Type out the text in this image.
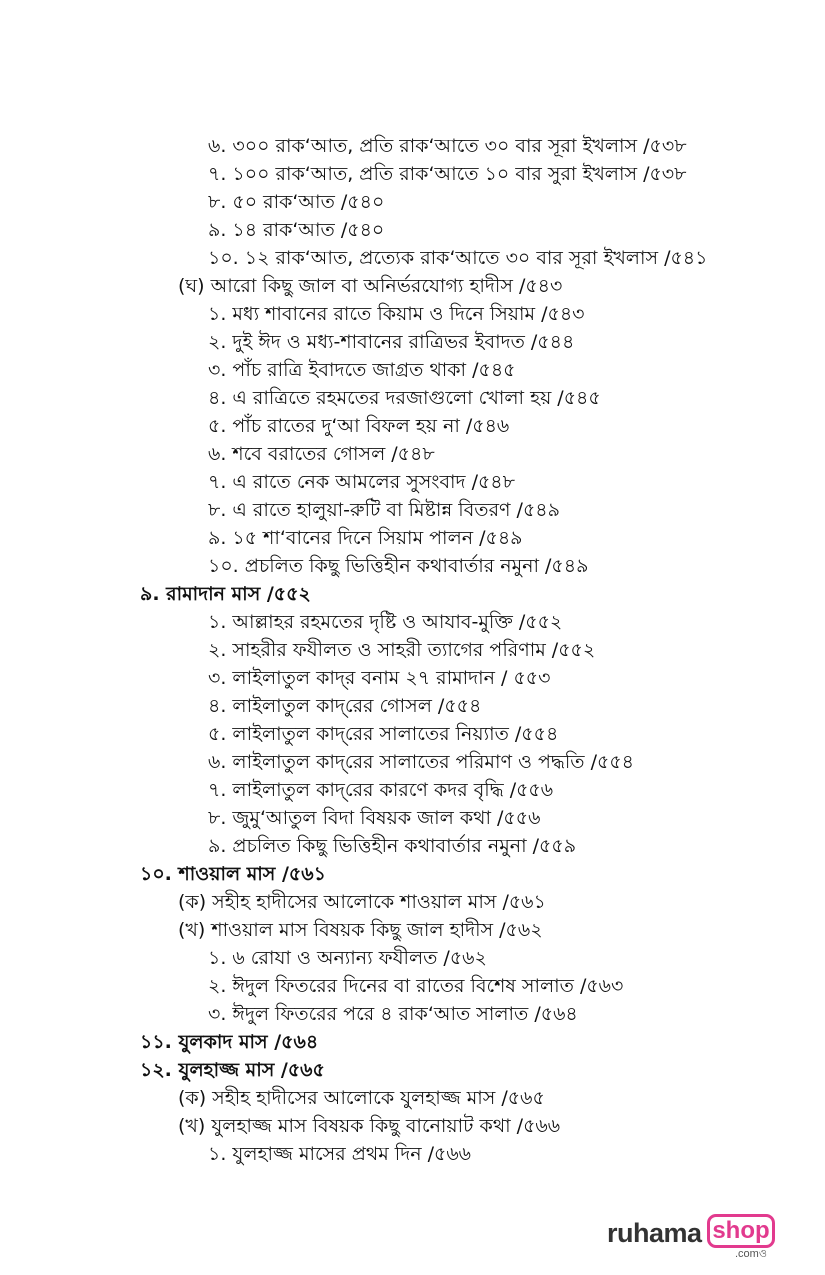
৬. ৩০০ রাক‘আত, প্রতি রাক‘আতে ৩০ বার সূরা ইখলাস /৫৩৮
৭. ১০০ রাক‘আত, প্রতি রাক‘আতে ১০ বার সুরা ইখলাস /৫৩৮
৮. ৫০ রাক‘আত /৫৪০
৯. ১৪ রাক‘আত /৫৪০
১০. ১২ রাক‘আত, প্রত্যেক রাক‘আতে ৩০ বার সূরা ইখলাস /৫৪১
(ঘ) আরো কিছু জাল বা অনির্ভরযোগ্য হাদীস /৫৪৩
১. মধ্য শাবানের রাতে কিয়াম ও দিনে সিয়াম /৫৪৩
২. দুই ঈদ ও মধ্য-শাবানের রাত্রিভর ইবাদত /৫৪৪
৩. পাঁচ রাত্রি ইবাদতে জাগ্রত থাকা /৫৪৫
৪. এ রাত্রিতে রহমতের দরজাগুলো খোলা হয় /৫৪৫
৫. পাঁচ রাতের দু‘আ বিফল হয় না /৫৪৬
৬. শবে বরাতের গোসল /৫৪৮
৭. এ রাতে নেক আমলের সুসংবাদ /৫৪৮
৮. এ রাতে হালুয়া-রুটি বা মিষ্টান্ন বিতরণ /৫৪৯
৯. ১৫ শা‘বানের দিনে সিয়াম পালন /৫৪৯
১০. প্রচলিত কিছু ভিত্তিহীন কথাবার্তার নমুনা /৫৪৯
৯. রামাদান মাস /৫৫২
১. আল্লাহর রহমতের দৃষ্টি ও আযাব-মুক্তি /৫৫২
২. সাহরীর ফযীলত ও সাহরী ত্যাগের পরিণাম /৫৫২
৩. লাইলাতুল কাদ্‌র বনাম ২৭ রামাদান / ৫৫৩
৪. লাইলাতুল কাদ্‌রের গোসল /৫৫৪
৫. লাইলাতুল কাদ্‌রের সালাতের নিয়্যাত /৫৫৪
৬. লাইলাতুল কাদ্‌রের সালাতের পরিমাণ ও পদ্ধতি /৫৫৪
৭. লাইলাতুল কাদ্‌রের কারণে কদর বৃদ্ধি /৫৫৬
৮. জুমু‘আতুল বিদা বিষয়ক জাল কথা /৫৫৬
৯. প্রচলিত কিছু ভিত্তিহীন কথাবার্তার নমুনা /৫৫৯
১০. শাওয়াল মাস /৫৬১
(ক) সহীহ হাদীসের আলোকে শাওয়াল মাস /৫৬১
(খ) শাওয়াল মাস বিষয়ক কিছু জাল হাদীস /৫৬২
১. ৬ রোযা ও অন্যান্য ফযীলত /৫৬২
২. ঈদুল ফিতরের দিনের বা রাতের বিশেষ সালাত /৫৬৩
৩. ঈদুল ফিতরের পরে ৪ রাক‘আত সালাত /৫৬৪
১১. যুলকাদ মাস /৫৬৪
১২. যুলহাজ্জ মাস /৫৬৫
(ক) সহীহ হাদীসের আলোকে যুলহাজ্জ মাস /৫৬৫
(খ) যুলহাজ্জ মাস বিষয়ক কিছু বানোয়াট কথা /৫৬৬
১. যুলহাজ্জ মাসের প্রথম দিন /৫৬৬
ruhama shop
.comও
